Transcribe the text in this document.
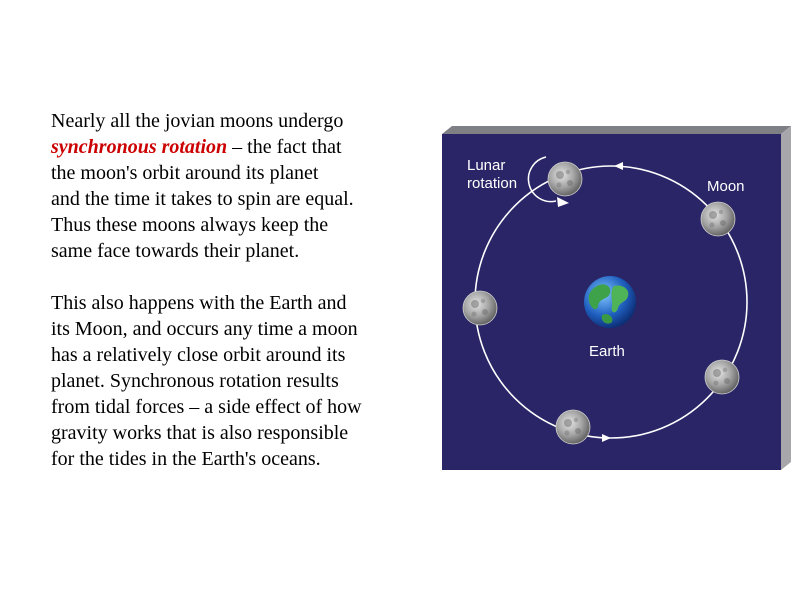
Nearly all the jovian moons undergo
synchronous rotation – the fact that
the moon's orbit around its planet
and the time it takes to spin are equal.
Thus these moons always keep the
same face towards their planet.

This also happens with the Earth and
its Moon, and occurs any time a moon
has a relatively close orbit around its
planet. Synchronous rotation results
from tidal forces – a side effect of how
gravity works that is also responsible
for the tides in the Earth's oceans.

Lunar
rotation	Moon
Earth
